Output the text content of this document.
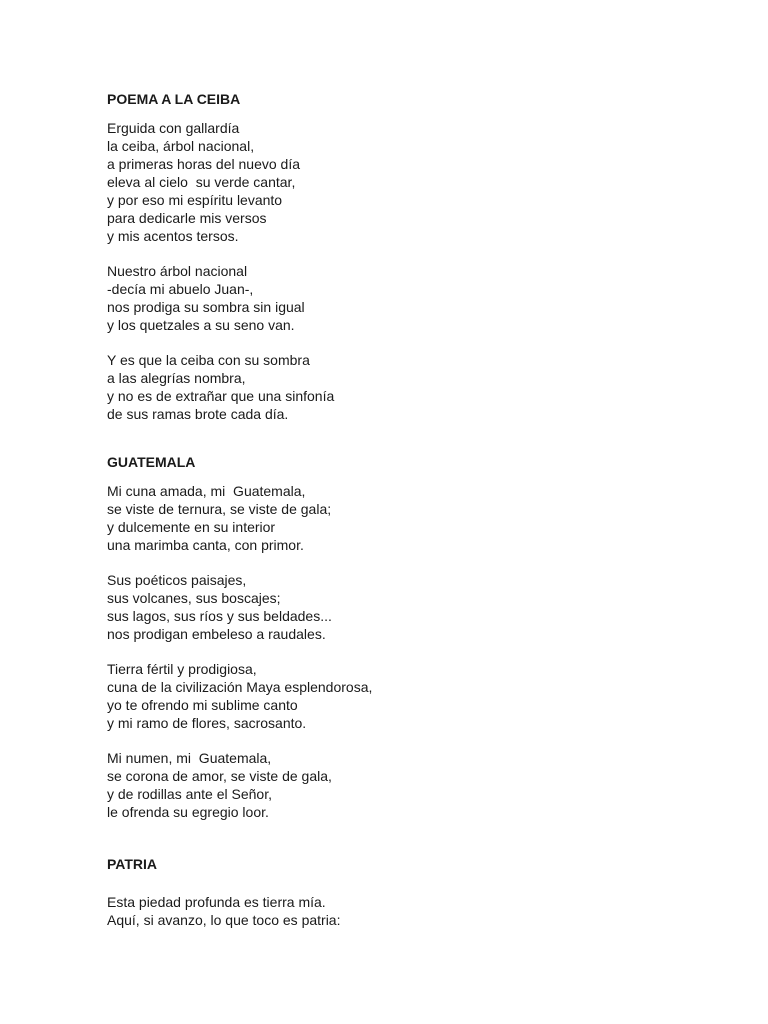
POEMA A LA CEIBA
Erguida con gallardía
la ceiba, árbol nacional,
a primeras horas del nuevo día
eleva al cielo  su verde cantar,
y por eso mi espíritu levanto
para dedicarle mis versos
y mis acentos tersos.
Nuestro árbol nacional
-decía mi abuelo Juan-,
nos prodiga su sombra sin igual
y los quetzales a su seno van.
Y es que la ceiba con su sombra
a las alegrías nombra,
y no es de extrañar que una sinfonía
de sus ramas brote cada día.
GUATEMALA
Mi cuna amada, mi  Guatemala,
se viste de ternura, se viste de gala;
y dulcemente en su interior
una marimba canta, con primor.
Sus poéticos paisajes,
sus volcanes, sus boscajes;
sus lagos, sus ríos y sus beldades...
nos prodigan embeleso a raudales.
Tierra fértil y prodigiosa,
cuna de la civilización Maya esplendorosa,
yo te ofrendo mi sublime canto
y mi ramo de flores, sacrosanto.
Mi numen, mi  Guatemala,
se corona de amor, se viste de gala,
y de rodillas ante el Señor,
le ofrenda su egregio loor.
PATRIA
Esta piedad profunda es tierra mía.
Aquí, si avanzo, lo que toco es patria:
